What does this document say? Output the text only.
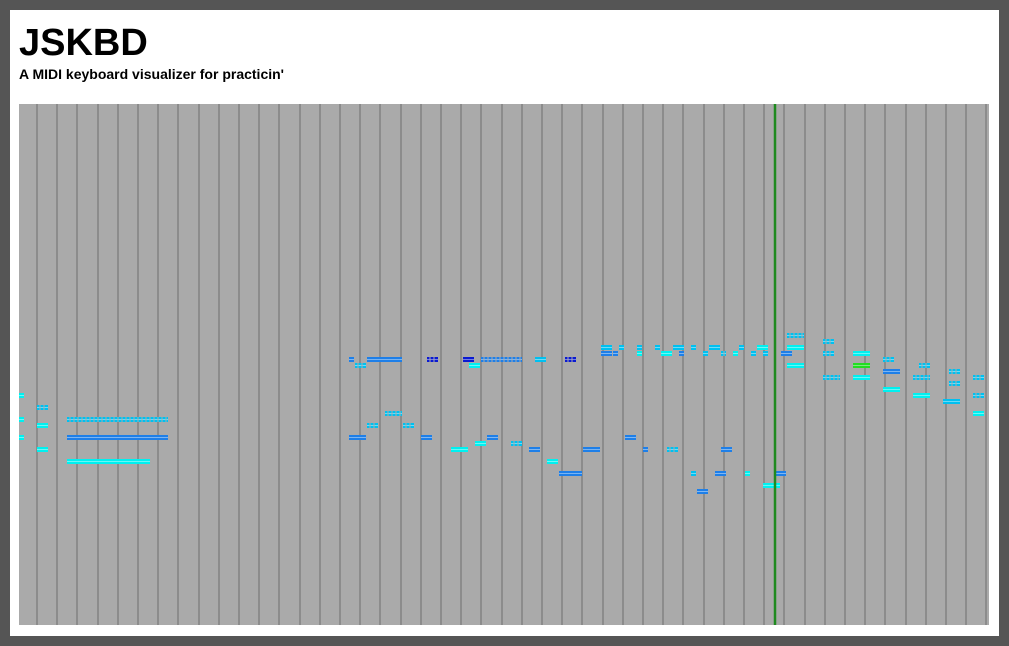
JSKBD
A MIDI keyboard visualizer for practicin'
